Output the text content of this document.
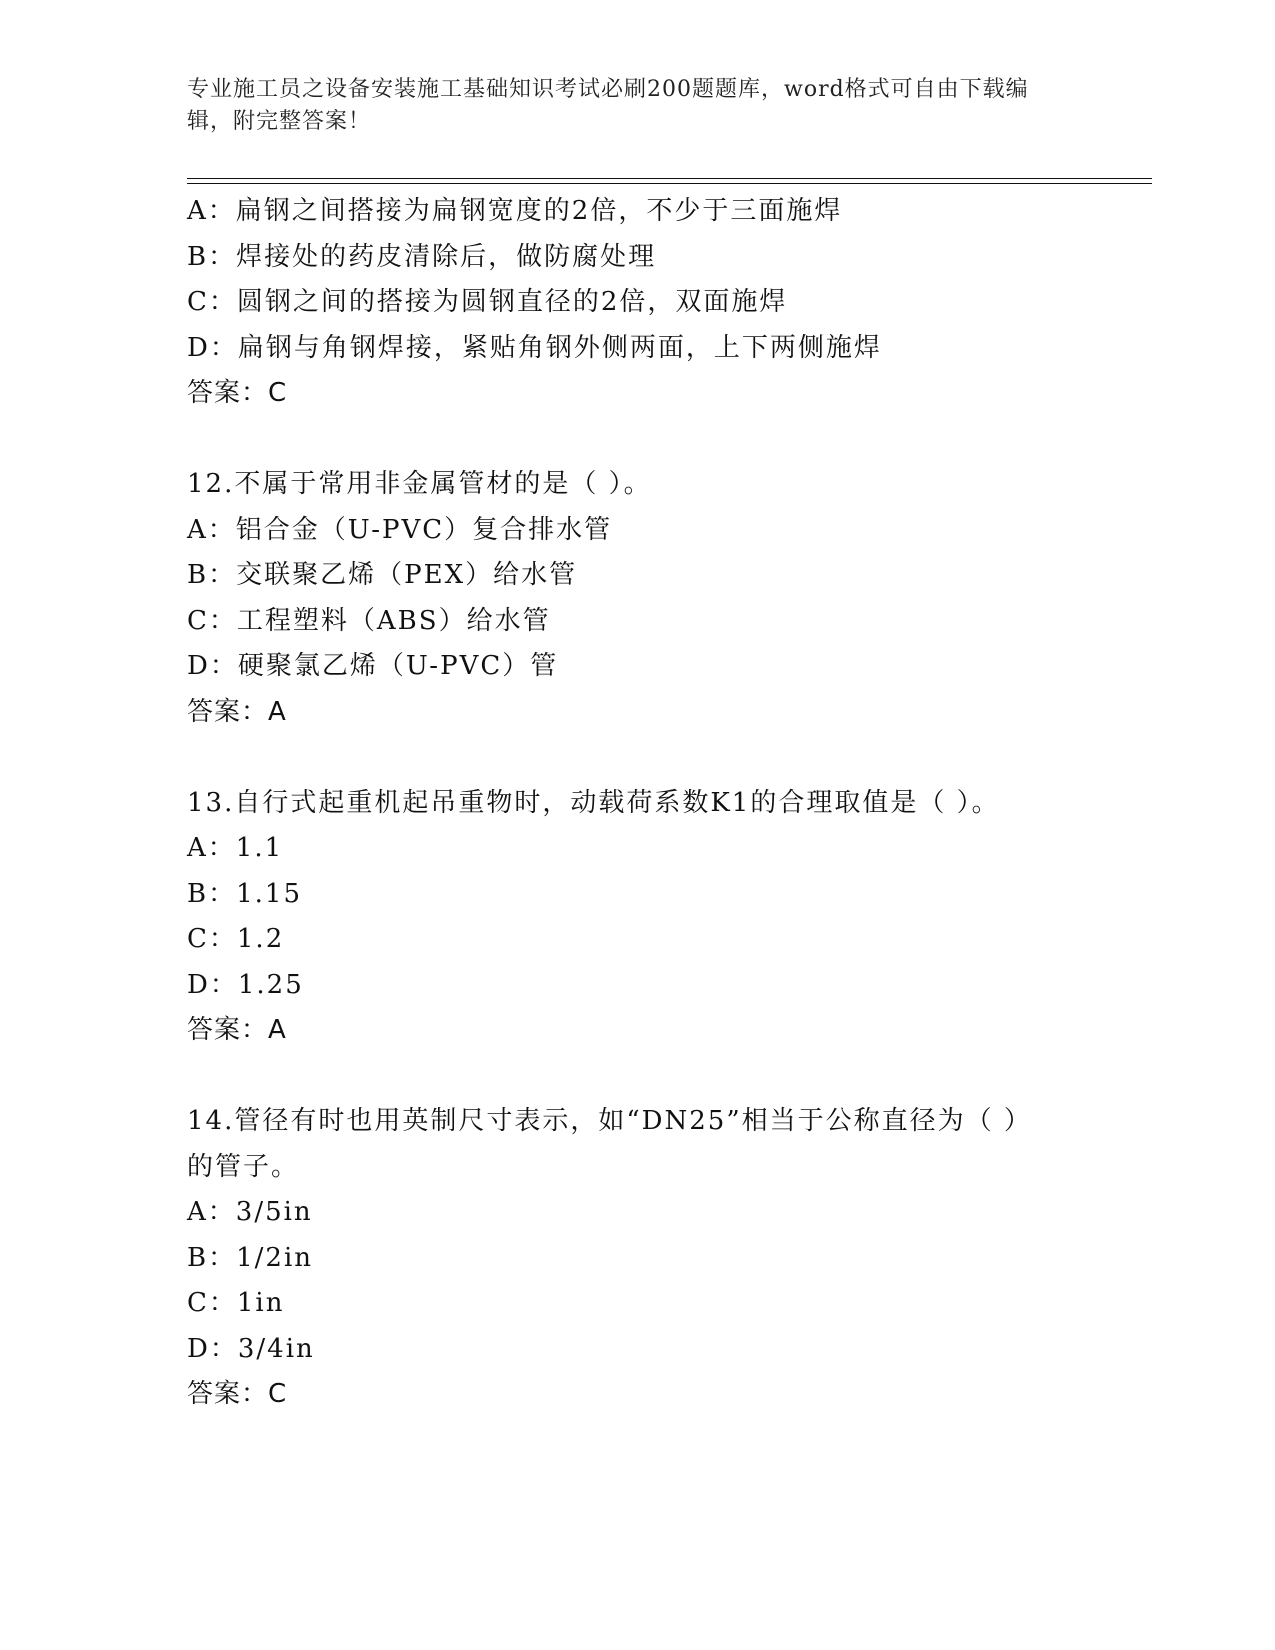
专业施工员之设备安装施工基础知识考试必刷200题题库，word格式可自由下载编辑，附完整答案！
A：扁钢之间搭接为扁钢宽度的2倍，不少于三面施焊
B：焊接处的药皮清除后，做防腐处理
C：圆钢之间的搭接为圆钢直径的2倍，双面施焊
D：扁钢与角钢焊接，紧贴角钢外侧两面，上下两侧施焊
答案：C
12.不属于常用非金属管材的是（ ）。
A：铝合金（U-PVC）复合排水管
B：交联聚乙烯（PEX）给水管
C：工程塑料（ABS）给水管
D：硬聚氯乙烯（U-PVC）管
答案：A
13.自行式起重机起吊重物时，动载荷系数K1的合理取值是（ ）。
A：1.1
B：1.15
C：1.2
D：1.25
答案：A
14.管径有时也用英制尺寸表示，如“DN25”相当于公称直径为（ ）
的管子。
A：3/5in
B：1/2in
C：1in
D：3/4in
答案：C
